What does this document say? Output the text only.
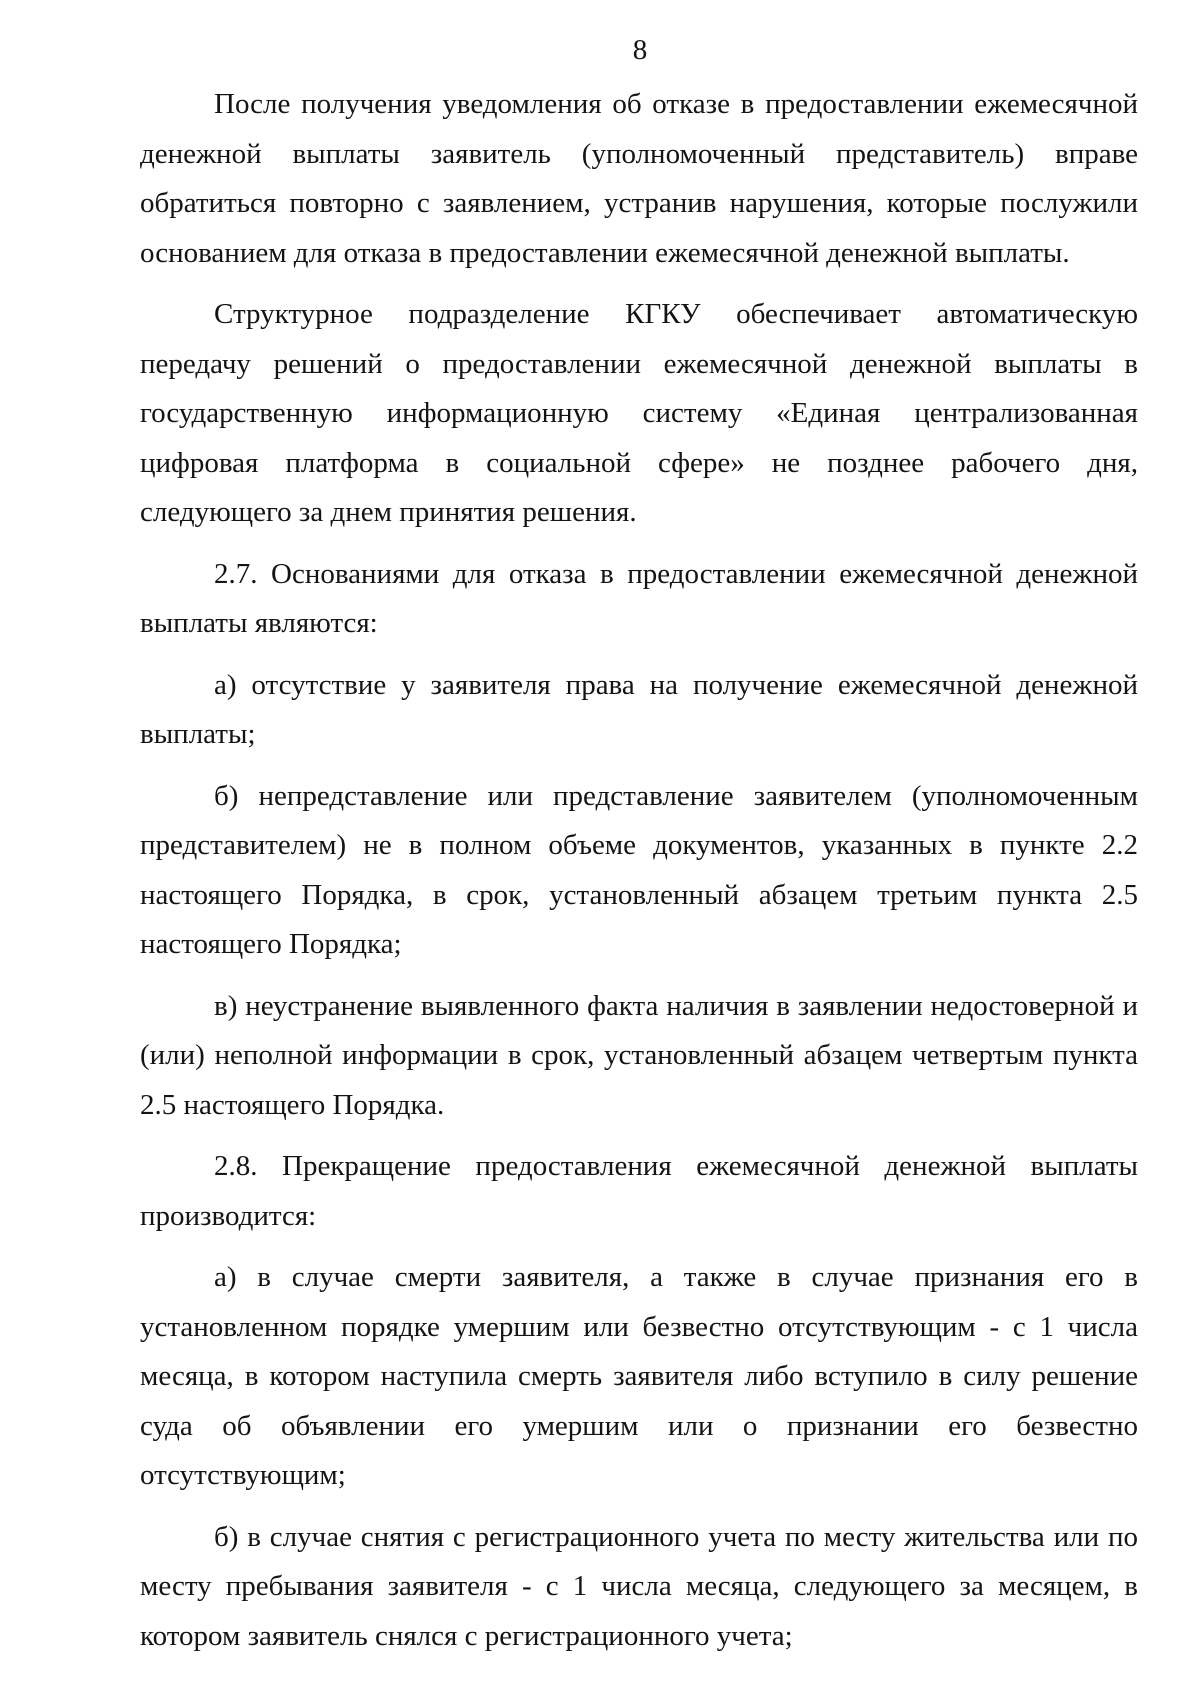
8

После получения уведомления об отказе в предоставлении ежемесячной денежной выплаты заявитель (уполномоченный представитель) вправе обратиться повторно с заявлением, устранив нарушения, которые послужили основанием для отказа в предоставлении ежемесячной денежной выплаты.

Структурное подразделение КГКУ обеспечивает автоматическую передачу решений о предоставлении ежемесячной денежной выплаты в государственную информационную систему «Единая централизованная цифровая платформа в социальной сфере» не позднее рабочего дня, следующего за днем принятия решения.

2.7. Основаниями для отказа в предоставлении ежемесячной денежной выплаты являются:

а) отсутствие у заявителя права на получение ежемесячной денежной выплаты;

б) непредставление или представление заявителем (уполномоченным представителем) не в полном объеме документов, указанных в пункте 2.2 настоящего Порядка, в срок, установленный абзацем третьим пункта 2.5 настоящего Порядка;

в) неустранение выявленного факта наличия в заявлении недостоверной и (или) неполной информации в срок, установленный абзацем четвертым пункта 2.5 настоящего Порядка.

2.8. Прекращение предоставления ежемесячной денежной выплаты производится:

а) в случае смерти заявителя, а также в случае признания его в установленном порядке умершим или безвестно отсутствующим - с 1 числа месяца, в котором наступила смерть заявителя либо вступило в силу решение суда об объявлении его умершим или о признании его безвестно отсутствующим;

б) в случае снятия с регистрационного учета по месту жительства или по месту пребывания заявителя - с 1 числа месяца, следующего за месяцем, в котором заявитель снялся с регистрационного учета;
